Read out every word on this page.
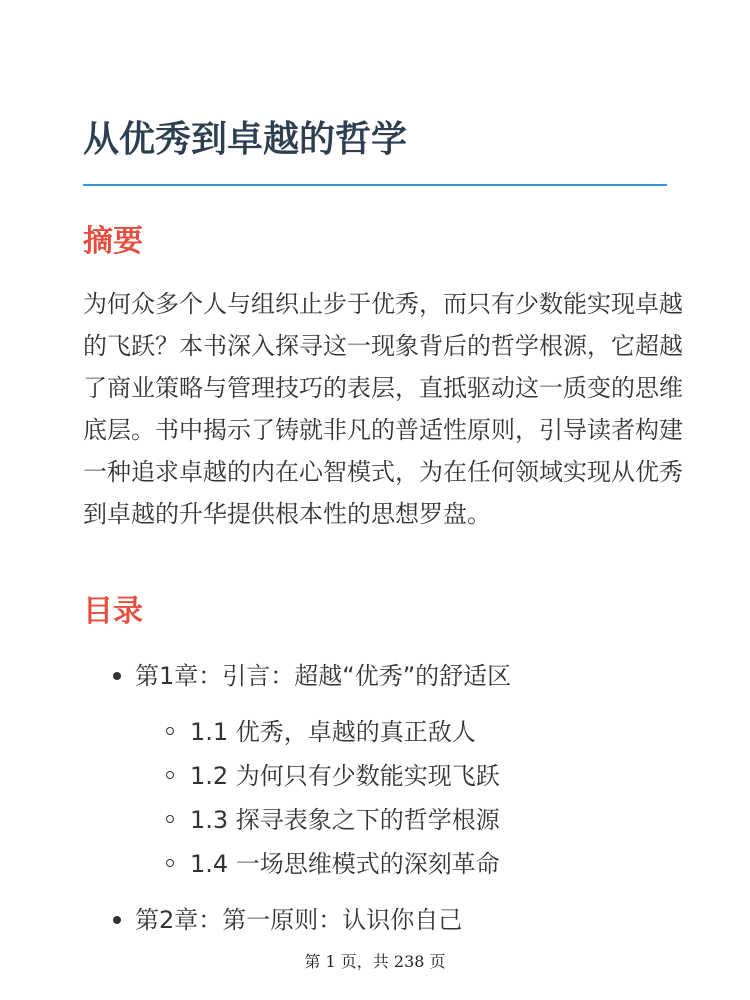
从优秀到卓越的哲学
摘要

为何众多个人与组织止步于优秀，而只有少数能实现卓越的飞跃？本书深入探寻这一现象背后的哲学根源，它超越了商业策略与管理技巧的表层，直抵驱动这一质变的思维底层。书中揭示了铸就非凡的普适性原则，引导读者构建一种追求卓越的内在心智模式，为在任何领域实现从优秀到卓越的升华提供根本性的思想罗盘。

目录
第1章：引言：超越“优秀”的舒适区
1.1 优秀，卓越的真正敌人
1.2 为何只有少数能实现飞跃
1.3 探寻表象之下的哲学根源
1.4 一场思维模式的深刻革命
第2章：第一原则：认识你自己
第 1 页，共 238 页
